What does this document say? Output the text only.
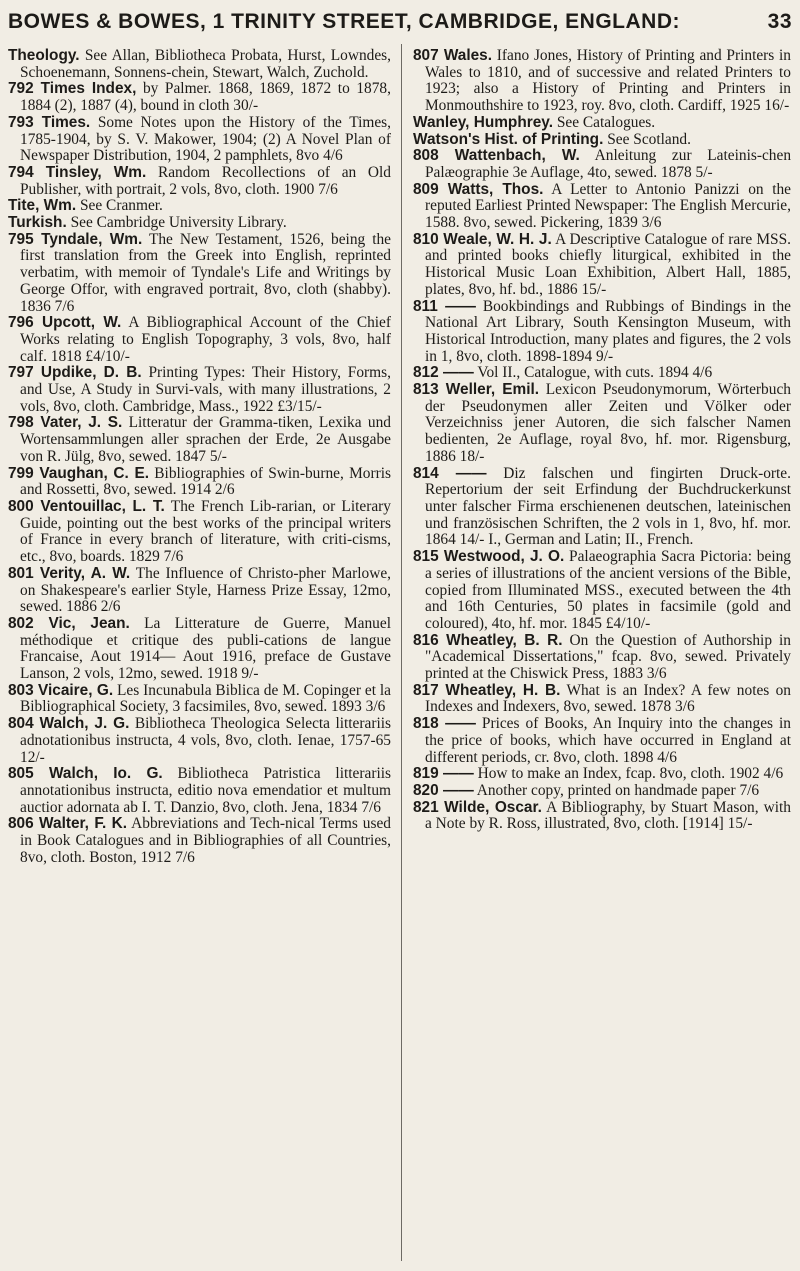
BOWES & BOWES, 1 TRINITY STREET, CAMBRIDGE, ENGLAND:	33
Theology. See Allan, Bibliotheca Probata, Hurst, Lowndes, Schoenemann, Sonnens-chein, Stewart, Walch, Zuchold.
792 Times Index, by Palmer. 1868, 1869, 1872 to 1878, 1884 (2), 1887 (4), bound in cloth 30/-
793 Times. Some Notes upon the History of the Times, 1785-1904, by S. V. Makower, 1904; (2) A Novel Plan of Newspaper Distribution, 1904, 2 pamphlets, 8vo 4/6
794 Tinsley, Wm. Random Recollections of an Old Publisher, with portrait, 2 vols, 8vo, cloth. 1900 7/6
Tite, Wm. See Cranmer.
Turkish. See Cambridge University Library.
795 Tyndale, Wm. The New Testament, 1526, being the first translation from the Greek into English, reprinted verbatim, with memoir of Tyndale's Life and Writings by George Offor, with engraved portrait, 8vo, cloth (shabby). 1836 7/6
796 Upcott, W. A Bibliographical Account of the Chief Works relating to English Topography, 3 vols, 8vo, half calf. 1818 £4/10/-
797 Updike, D. B. Printing Types: Their History, Forms, and Use, A Study in Survi-vals, with many illustrations, 2 vols, 8vo, cloth. Cambridge, Mass., 1922 £3/15/-
798 Vater, J. S. Litteratur der Gramma-tiken, Lexika und Wortensammlungen aller sprachen der Erde, 2e Ausgabe von R. Jülg, 8vo, sewed. 1847 5/-
799 Vaughan, C. E. Bibliographies of Swin-burne, Morris and Rossetti, 8vo, sewed. 1914 2/6
800 Ventouillac, L. T. The French Lib-rarian, or Literary Guide, pointing out the best works of the principal writers of France in every branch of literature, with criti-cisms, etc., 8vo, boards. 1829 7/6
801 Verity, A. W. The Influence of Christo-pher Marlowe, on Shakespeare's earlier Style, Harness Prize Essay, 12mo, sewed. 1886 2/6
802 Vic, Jean. La Litterature de Guerre, Manuel méthodique et critique des publi-cations de langue Francaise, Aout 1914— Aout 1916, preface de Gustave Lanson, 2 vols, 12mo, sewed. 1918 9/-
803 Vicaire, G. Les Incunabula Biblica de M. Copinger et la Bibliographical Society, 3 facsimiles, 8vo, sewed. 1893 3/6
804 Walch, J. G. Bibliotheca Theologica Selecta litterariis adnotationibus instructa, 4 vols, 8vo, cloth. Ienae, 1757-65 12/-
805 Walch, Io. G. Bibliotheca Patristica litterariis annotationibus instructa, editio nova emendatior et multum auctior adornata ab I. T. Danzio, 8vo, cloth. Jena, 1834 7/6
806 Walter, F. K. Abbreviations and Tech-nical Terms used in Book Catalogues and in Bibliographies of all Countries, 8vo, cloth. Boston, 1912 7/6
807 Wales. Ifano Jones, History of Printing and Printers in Wales to 1810, and of successive and related Printers to 1923; also a History of Printing and Printers in Monmouthshire to 1923, roy. 8vo, cloth. Cardiff, 1925 16/-
Wanley, Humphrey. See Catalogues.
Watson's Hist. of Printing. See Scotland.
808 Wattenbach, W. Anleitung zur Lateinis-chen Palæographie 3e Auflage, 4to, sewed. 1878 5/-
809 Watts, Thos. A Letter to Antonio Panizzi on the reputed Earliest Printed Newspaper: The English Mercurie, 1588. 8vo, sewed. Pickering, 1839 3/6
810 Weale, W. H. J. A Descriptive Catalogue of rare MSS. and printed books chiefly liturgical, exhibited in the Historical Music Loan Exhibition, Albert Hall, 1885, plates, 8vo, hf. bd., 1886 15/-
811 —— Bookbindings and Rubbings of Bindings in the National Art Library, South Kensington Museum, with Historical Introduction, many plates and figures, the 2 vols in 1, 8vo, cloth. 1898-1894 9/-
812 —— Vol II., Catalogue, with cuts. 1894 4/6
813 Weller, Emil. Lexicon Pseudonymorum, Wörterbuch der Pseudonymen aller Zeiten und Völker oder Verzeichniss jener Autoren, die sich falscher Namen bedienten, 2e Auflage, royal 8vo, hf. mor. Rigensburg, 1886 18/-
814 —— Diz falschen und fingirten Druck-orte. Repertorium der seit Erfindung der Buchdruckerkunst unter falscher Firma erschienenen deutschen, lateinischen und französischen Schriften, the 2 vols in 1, 8vo, hf. mor. 1864 14/- I., German and Latin; II., French.
815 Westwood, J. O. Palaeographia Sacra Pictoria: being a series of illustrations of the ancient versions of the Bible, copied from Illuminated MSS., executed between the 4th and 16th Centuries, 50 plates in facsimile (gold and coloured), 4to, hf. mor. 1845 £4/10/-
816 Wheatley, B. R. On the Question of Authorship in "Academical Dissertations," fcap. 8vo, sewed. Privately printed at the Chiswick Press, 1883 3/6
817 Wheatley, H. B. What is an Index? A few notes on Indexes and Indexers, 8vo, sewed. 1878 3/6
818 —— Prices of Books, An Inquiry into the changes in the price of books, which have occurred in England at different periods, cr. 8vo, cloth. 1898 4/6
819 —— How to make an Index, fcap. 8vo, cloth. 1902 4/6
820 —— Another copy, printed on handmade paper 7/6
821 Wilde, Oscar. A Bibliography, by Stuart Mason, with a Note by R. Ross, illustrated, 8vo, cloth. [1914] 15/-
